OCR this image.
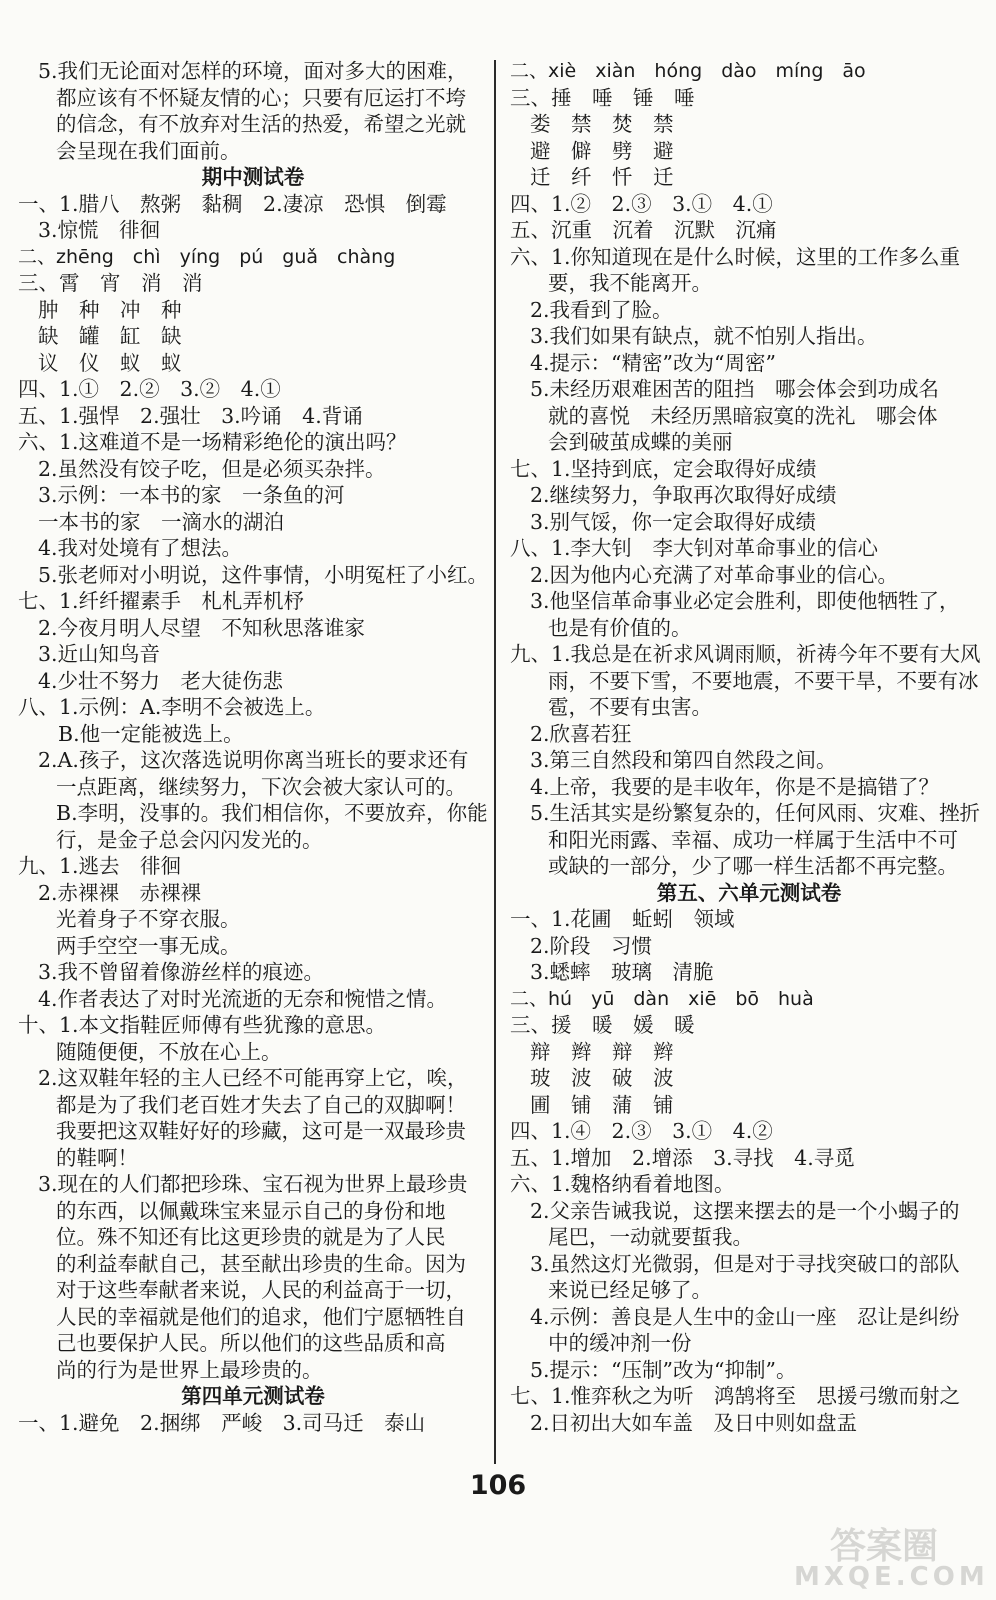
5.我们无论面对怎样的环境，面对多大的困难，
都应该有不怀疑友情的心；只要有厄运打不垮
的信念，有不放弃对生活的热爱，希望之光就
会呈现在我们面前。
期中测试卷
一、1.腊八　熬粥　黏稠　2.凄凉　恐惧　倒霉
3.惊慌　徘徊
二、zhēng　chì　yíng　pú　guǎ　chàng
三、霄　宵　消　消
肿　种　冲　种
缺　罐　缸　缺
议　仪　蚁　蚁
四、1.①　2.②　3.②　4.①
五、1.强悍　2.强壮　3.吟诵　4.背诵
六、1.这难道不是一场精彩绝伦的演出吗？
2.虽然没有饺子吃，但是必须买杂拌。
3.示例：一本书的家　一条鱼的河
一本书的家　一滴水的湖泊
4.我对处境有了想法。
5.张老师对小明说，这件事情，小明冤枉了小红。
七、1.纤纤擢素手　札札弄机杼
2.今夜月明人尽望　不知秋思落谁家
3.近山知鸟音
4.少壮不努力　老大徒伤悲
八、1.示例：A.李明不会被选上。
B.他一定能被选上。
2.A.孩子，这次落选说明你离当班长的要求还有
一点距离，继续努力，下次会被大家认可的。
B.李明，没事的。我们相信你，不要放弃，你能
行，是金子总会闪闪发光的。
九、1.逃去　徘徊
2.赤裸裸　赤裸裸
光着身子不穿衣服。
两手空空一事无成。
3.我不曾留着像游丝样的痕迹。
4.作者表达了对时光流逝的无奈和惋惜之情。
十、1.本文指鞋匠师傅有些犹豫的意思。
随随便便，不放在心上。
2.这双鞋年轻的主人已经不可能再穿上它，唉，
都是为了我们老百姓才失去了自己的双脚啊！
我要把这双鞋好好的珍藏，这可是一双最珍贵
的鞋啊！
3.现在的人们都把珍珠、宝石视为世界上最珍贵
的东西，以佩戴珠宝来显示自己的身份和地
位。殊不知还有比这更珍贵的就是为了人民
的利益奉献自己，甚至献出珍贵的生命。因为
对于这些奉献者来说，人民的利益高于一切，
人民的幸福就是他们的追求，他们宁愿牺牲自
己也要保护人民。所以他们的这些品质和高
尚的行为是世界上最珍贵的。
第四单元测试卷
一、1.避免　2.捆绑　严峻　3.司马迁　泰山
二、xiè　xiàn　hóng　dào　míng　āo
三、捶　唾　锤　唾
娄　禁　焚　禁
避　僻　劈　避
迁　纤　忏　迁
四、1.②　2.③　3.①　4.①
五、沉重　沉着　沉默　沉痛
六、1.你知道现在是什么时候，这里的工作多么重
要，我不能离开。
2.我看到了脸。
3.我们如果有缺点，就不怕别人指出。
4.提示：“精密”改为“周密”
5.未经历艰难困苦的阻挡　哪会体会到功成名
就的喜悦　未经历黑暗寂寞的洗礼　哪会体
会到破茧成蝶的美丽
七、1.坚持到底，定会取得好成绩
2.继续努力，争取再次取得好成绩
3.别气馁，你一定会取得好成绩
八、1.李大钊　李大钊对革命事业的信心
2.因为他内心充满了对革命事业的信心。
3.他坚信革命事业必定会胜利，即使他牺牲了，
也是有价值的。
九、1.我总是在祈求风调雨顺，祈祷今年不要有大风
雨，不要下雪，不要地震，不要干旱，不要有冰
雹，不要有虫害。
2.欣喜若狂
3.第三自然段和第四自然段之间。
4.上帝，我要的是丰收年，你是不是搞错了？
5.生活其实是纷繁复杂的，任何风雨、灾难、挫折
和阳光雨露、幸福、成功一样属于生活中不可
或缺的一部分，少了哪一样生活都不再完整。
第五、六单元测试卷
一、1.花圃　蚯蚓　领域
2.阶段　习惯
3.蟋蟀　玻璃　清脆
二、hú　yū　dàn　xiē　bō　huà
三、援　暖　媛　暖
辩　辫　辩　辫
玻　波　破　波
圃　铺　蒲　铺
四、1.④　2.③　3.①　4.②
五、1.增加　2.增添　3.寻找　4.寻觅
六、1.魏格纳看着地图。
2.父亲告诫我说，这摆来摆去的是一个小蝎子的
尾巴，一动就要蜇我。
3.虽然这灯光微弱，但是对于寻找突破口的部队
来说已经足够了。
4.示例：善良是人生中的金山一座　忍让是纠纷
中的缓冲剂一份
5.提示：“压制”改为“抑制”。
七、1.惟弈秋之为听　鸿鹄将至　思援弓缴而射之
2.日初出大如车盖　及日中则如盘盂
106
答案圈
MXQE.COM
